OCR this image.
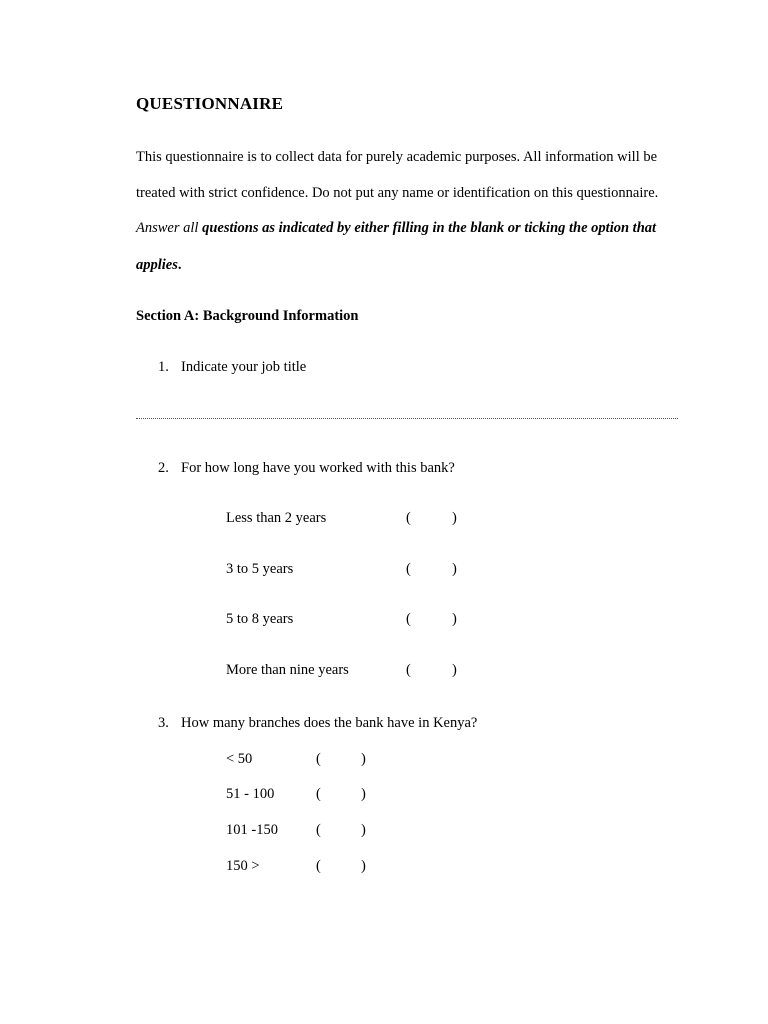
QUESTIONNAIRE
This questionnaire is to collect data for purely academic purposes. All information will be
treated with strict confidence. Do not put any name or identification on this questionnaire.
Answer all questions as indicated by either filling in the blank or ticking the option that
applies.
Section A: Background Information
1. Indicate your job title
2. For how long have you worked with this bank?
Less than 2 years	(	)
3 to 5 years	(	)
5 to 8 years	(	)
More than nine years	(	)
3. How many branches does the bank have in Kenya?
< 50	(	)
51 - 100	(	)
101 -150	(	)
150 >	(	)
